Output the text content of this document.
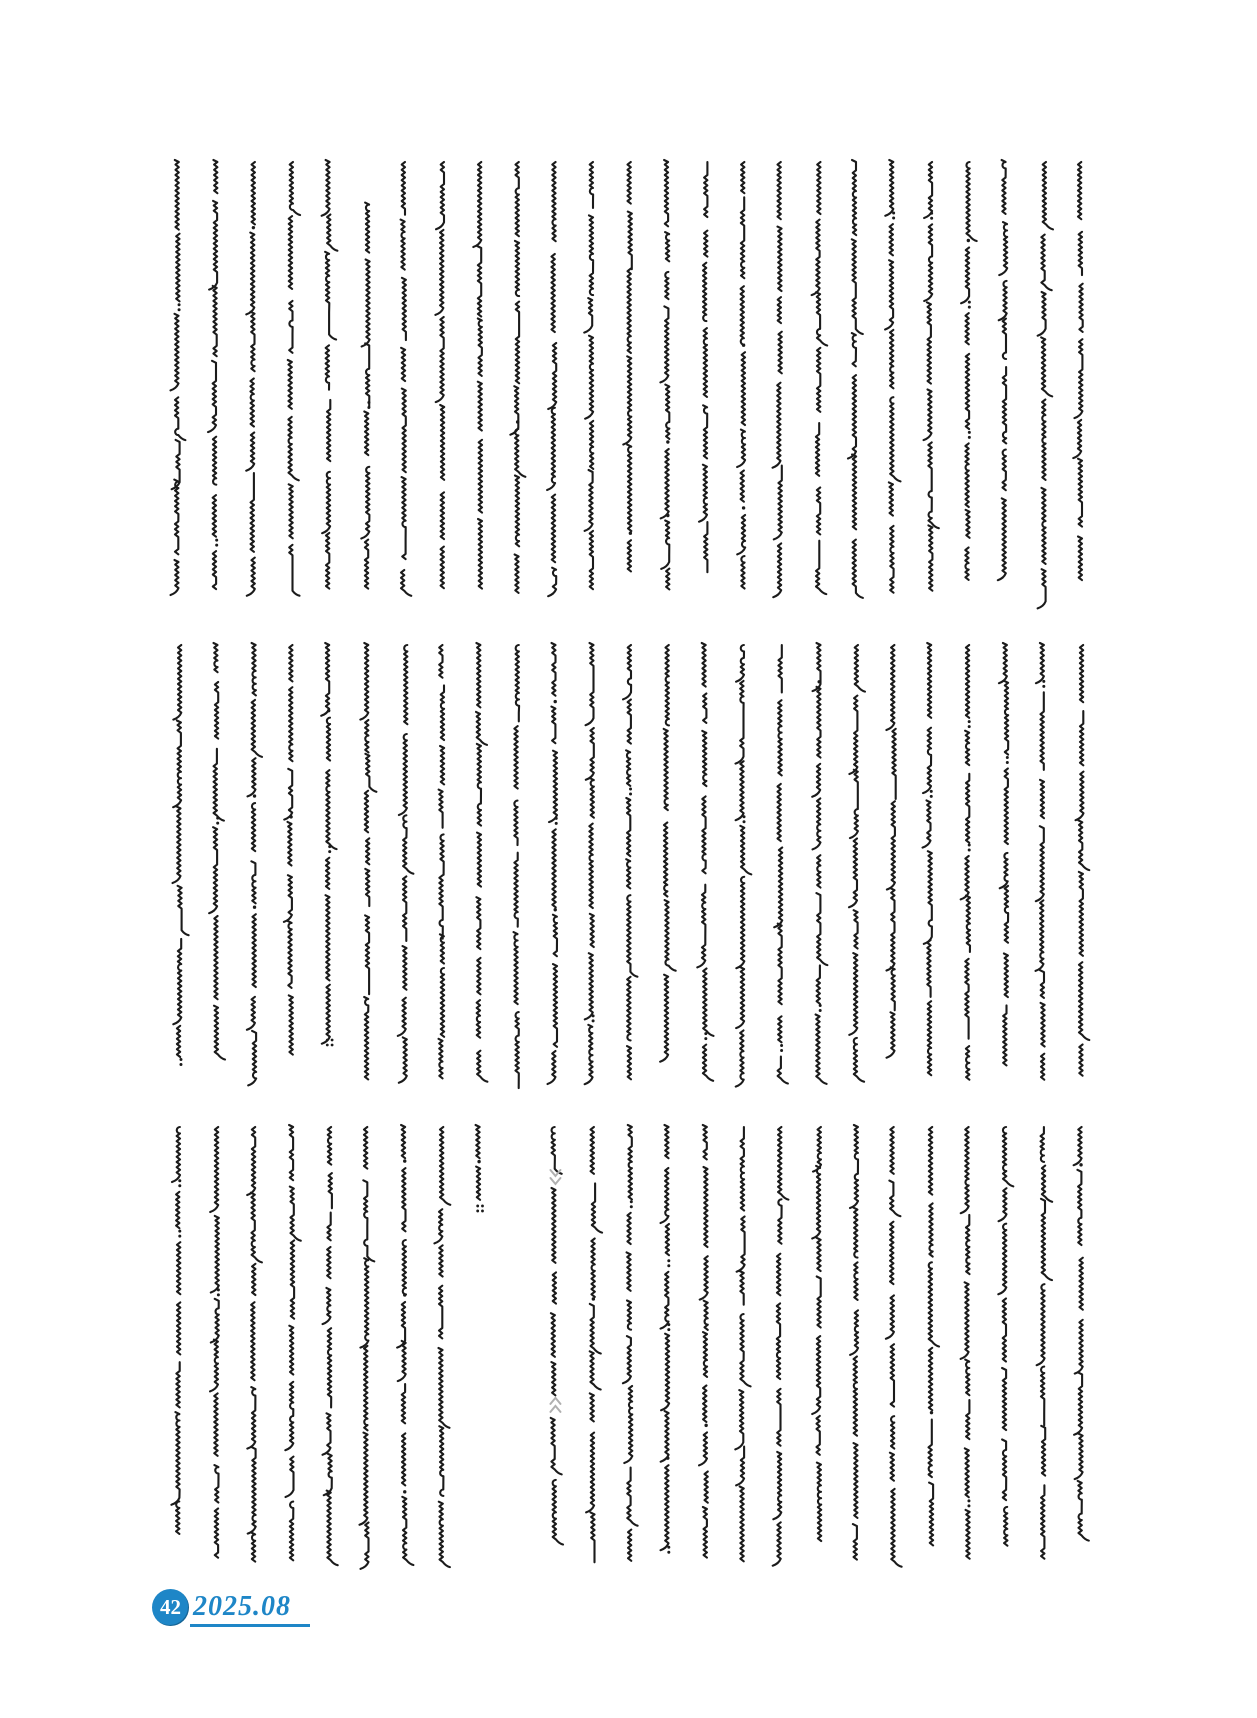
42 2025.08
